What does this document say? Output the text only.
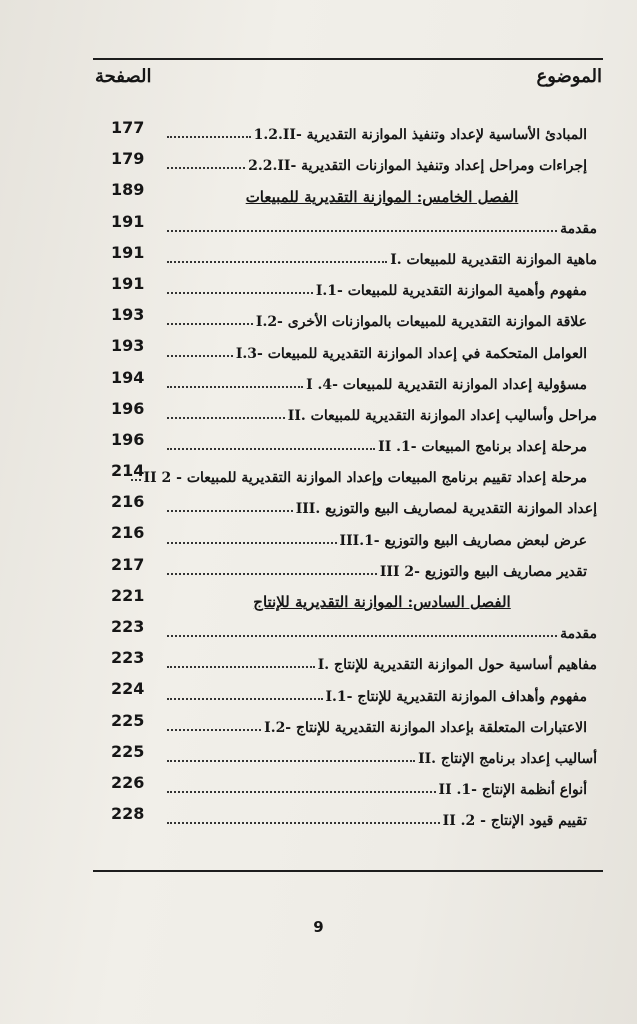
الموضوع
الصفحة
1.2.II- المبادئ الأساسية لإعداد وتنفيذ الموازنة التقديرية
177
2.2.II- إجراءات ومراحل إعداد وتنفيذ الموازنات التقديرية
179
الفصل الخامس: الموازنة التقديرية للمبيعات
189
مقدمة
191
I. ماهية الموازنة التقديرية للمبيعات
191
I.1- مفهوم وأهمية الموازنة التقديرية للمبيعات
191
I.2- علاقة الموازنة التقديرية للمبيعات بالموازنات الأخرى
193
I.3- العوامل المتحكمة في إعداد الموازنة التقديرية للمبيعات
193
I .4- مسؤولية إعداد الموازنة التقديرية للمبيعات
194
II. مراحل وأساليب إعداد الموازنة التقديرية للمبيعات
196
II .1- مرحلة إعداد برنامج المبيعات
196
II 2 - مرحلة إعداد تقييم برنامج المبيعات وإعداد الموازنة التقديرية للمبيعات
214
III. إعداد الموازنة التقديرية لمصاريف البيع والتوزيع
216
III.1- عرض لبعض مصاريف البيع والتوزيع
216
III 2- تقدير مصاريف البيع والتوزيع
217
الفصل السادس: الموازنة التقديرية للإنتاج
221
مقدمة
223
I. مفاهيم أساسية حول الموازنة التقديرية للإنتاج
223
I.1- مفهوم وأهداف الموازنة التقديرية للإنتاج
224
I.2- الاعتبارات المتعلقة بإعداد الموازنة التقديرية للإنتاج
225
II. أساليب إعداد برنامج الإنتاج
225
II .1- أنواع أنظمة الإنتاج
226
II .2 - تقييم قيود الإنتاج
228
9
